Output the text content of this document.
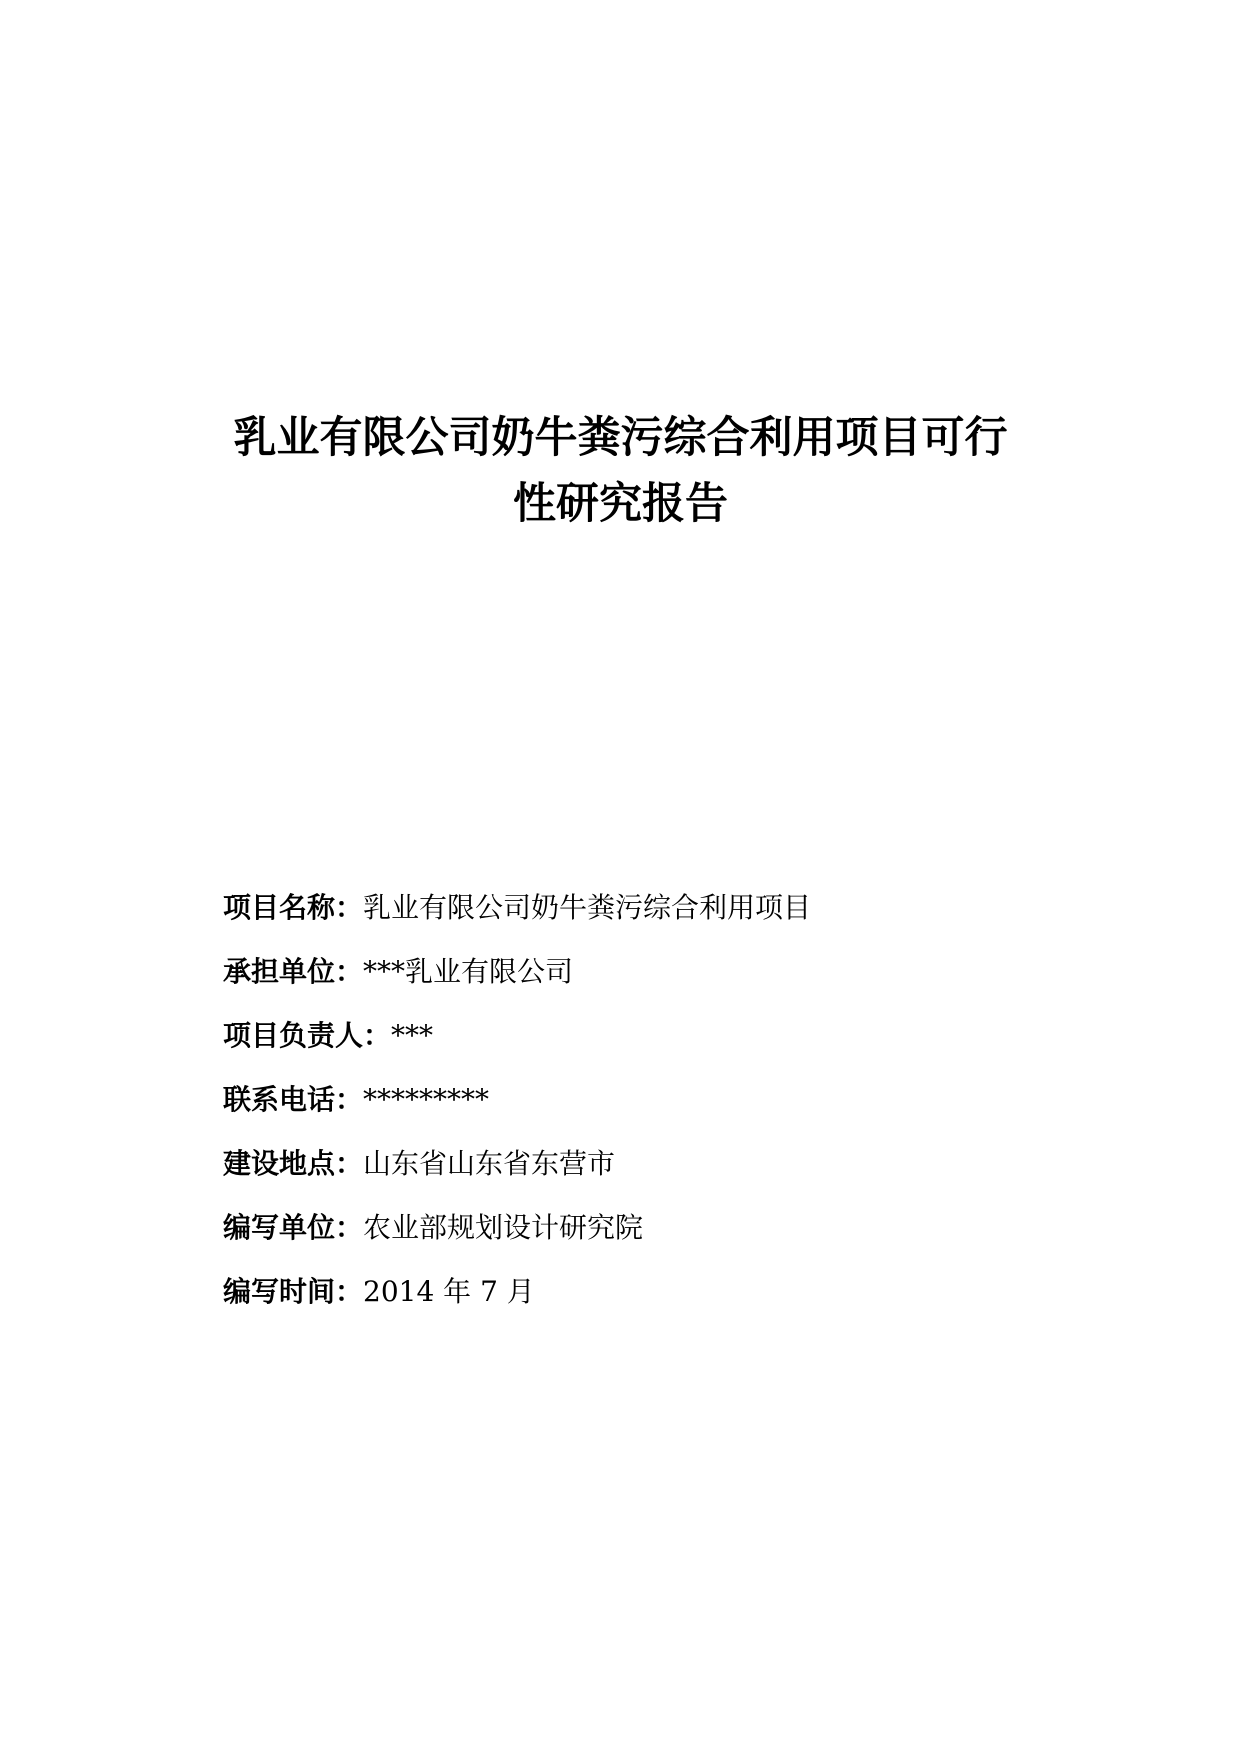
乳业有限公司奶牛粪污综合利用项目可行
性研究报告
项目名称：乳业有限公司奶牛粪污综合利用项目
承担单位：***乳业有限公司
项目负责人：***
联系电话：*********
建设地点：山东省山东省东营市
编写单位：农业部规划设计研究院
编写时间：2014 年 7 月
